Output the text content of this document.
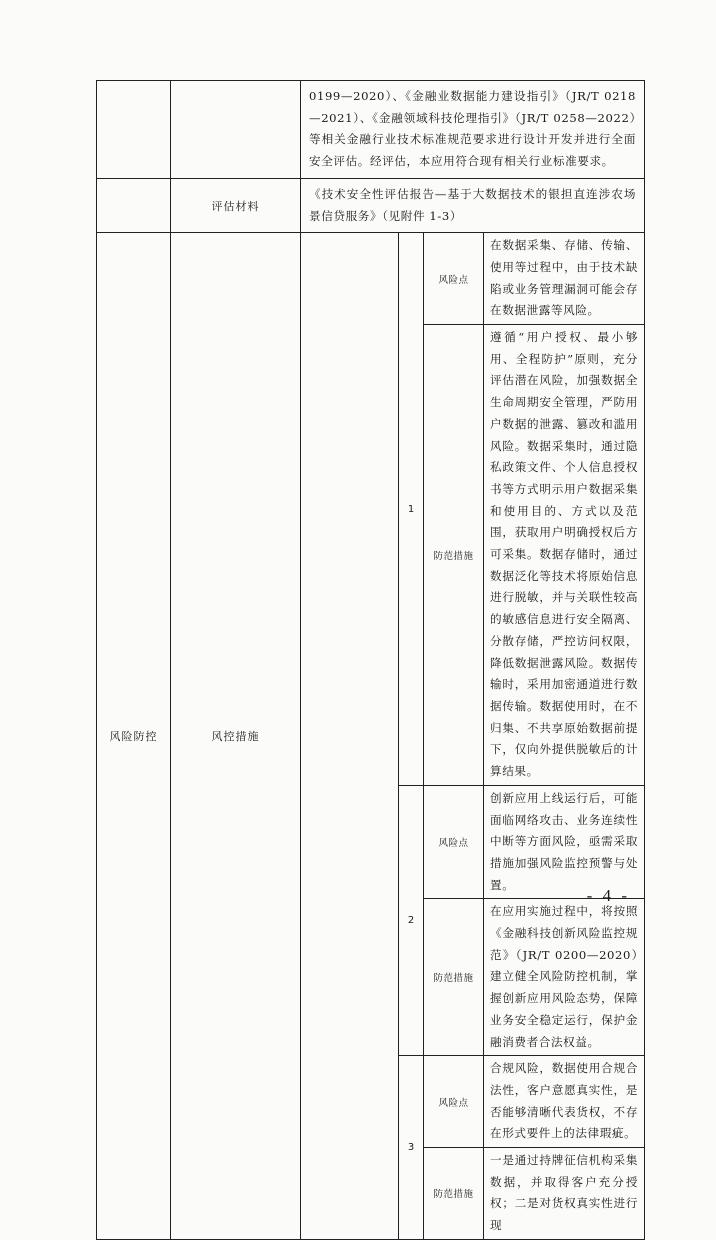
		0199—2020）、《金融业数据能力建设指引》（JR/T 0218—2021）、《金融领域科技伦理指引》（JR/T 0258—2022）等相关金融行业技术标准规范要求进行设计开发并进行全面安全评估。经评估，本应用符合现有相关行业标准要求。			

	评估材料	《技术安全性评估报告—基于大数据技术的银担直连涉农场景信贷服务》（见附件 1-3）			

风险防控	风控措施		1	风险点	在数据采集、存储、传输、使用等过程中，由于技术缺陷或业务管理漏洞可能会存在数据泄露等风险。

				防范措施	遵循“用户授权、最小够用、全程防护”原则，充分评估潜在风险，加强数据全生命周期安全管理，严防用户数据的泄露、篡改和滥用风险。数据采集时，通过隐私政策文件、个人信息授权书等方式明示用户数据采集和使用目的、方式以及范围，获取用户明确授权后方可采集。数据存储时，通过数据泛化等技术将原始信息进行脱敏，并与关联性较高的敏感信息进行安全隔离、分散存储，严控访问权限，降低数据泄露风险。数据传输时，采用加密通道进行数据传输。数据使用时，在不归集、不共享原始数据前提下，仅向外提供脱敏后的计算结果。

			2	风险点	创新应用上线运行后，可能面临网络攻击、业务连续性中断等方面风险，亟需采取措施加强风险监控预警与处置。

				防范措施	在应用实施过程中，将按照《金融科技创新风险监控规范》（JR/T 0200—2020）建立健全风险防控机制，掌握创新应用风险态势，保障业务安全稳定运行，保护金融消费者合法权益。

			3	风险点	合规风险，数据使用合规合法性，客户意愿真实性，是否能够清晰代表货权，不存在形式要件上的法律瑕疵。

				防范措施	一是通过持牌征信机构采集数据，并取得客户充分授权；二是对货权真实性进行现
- 4 -
